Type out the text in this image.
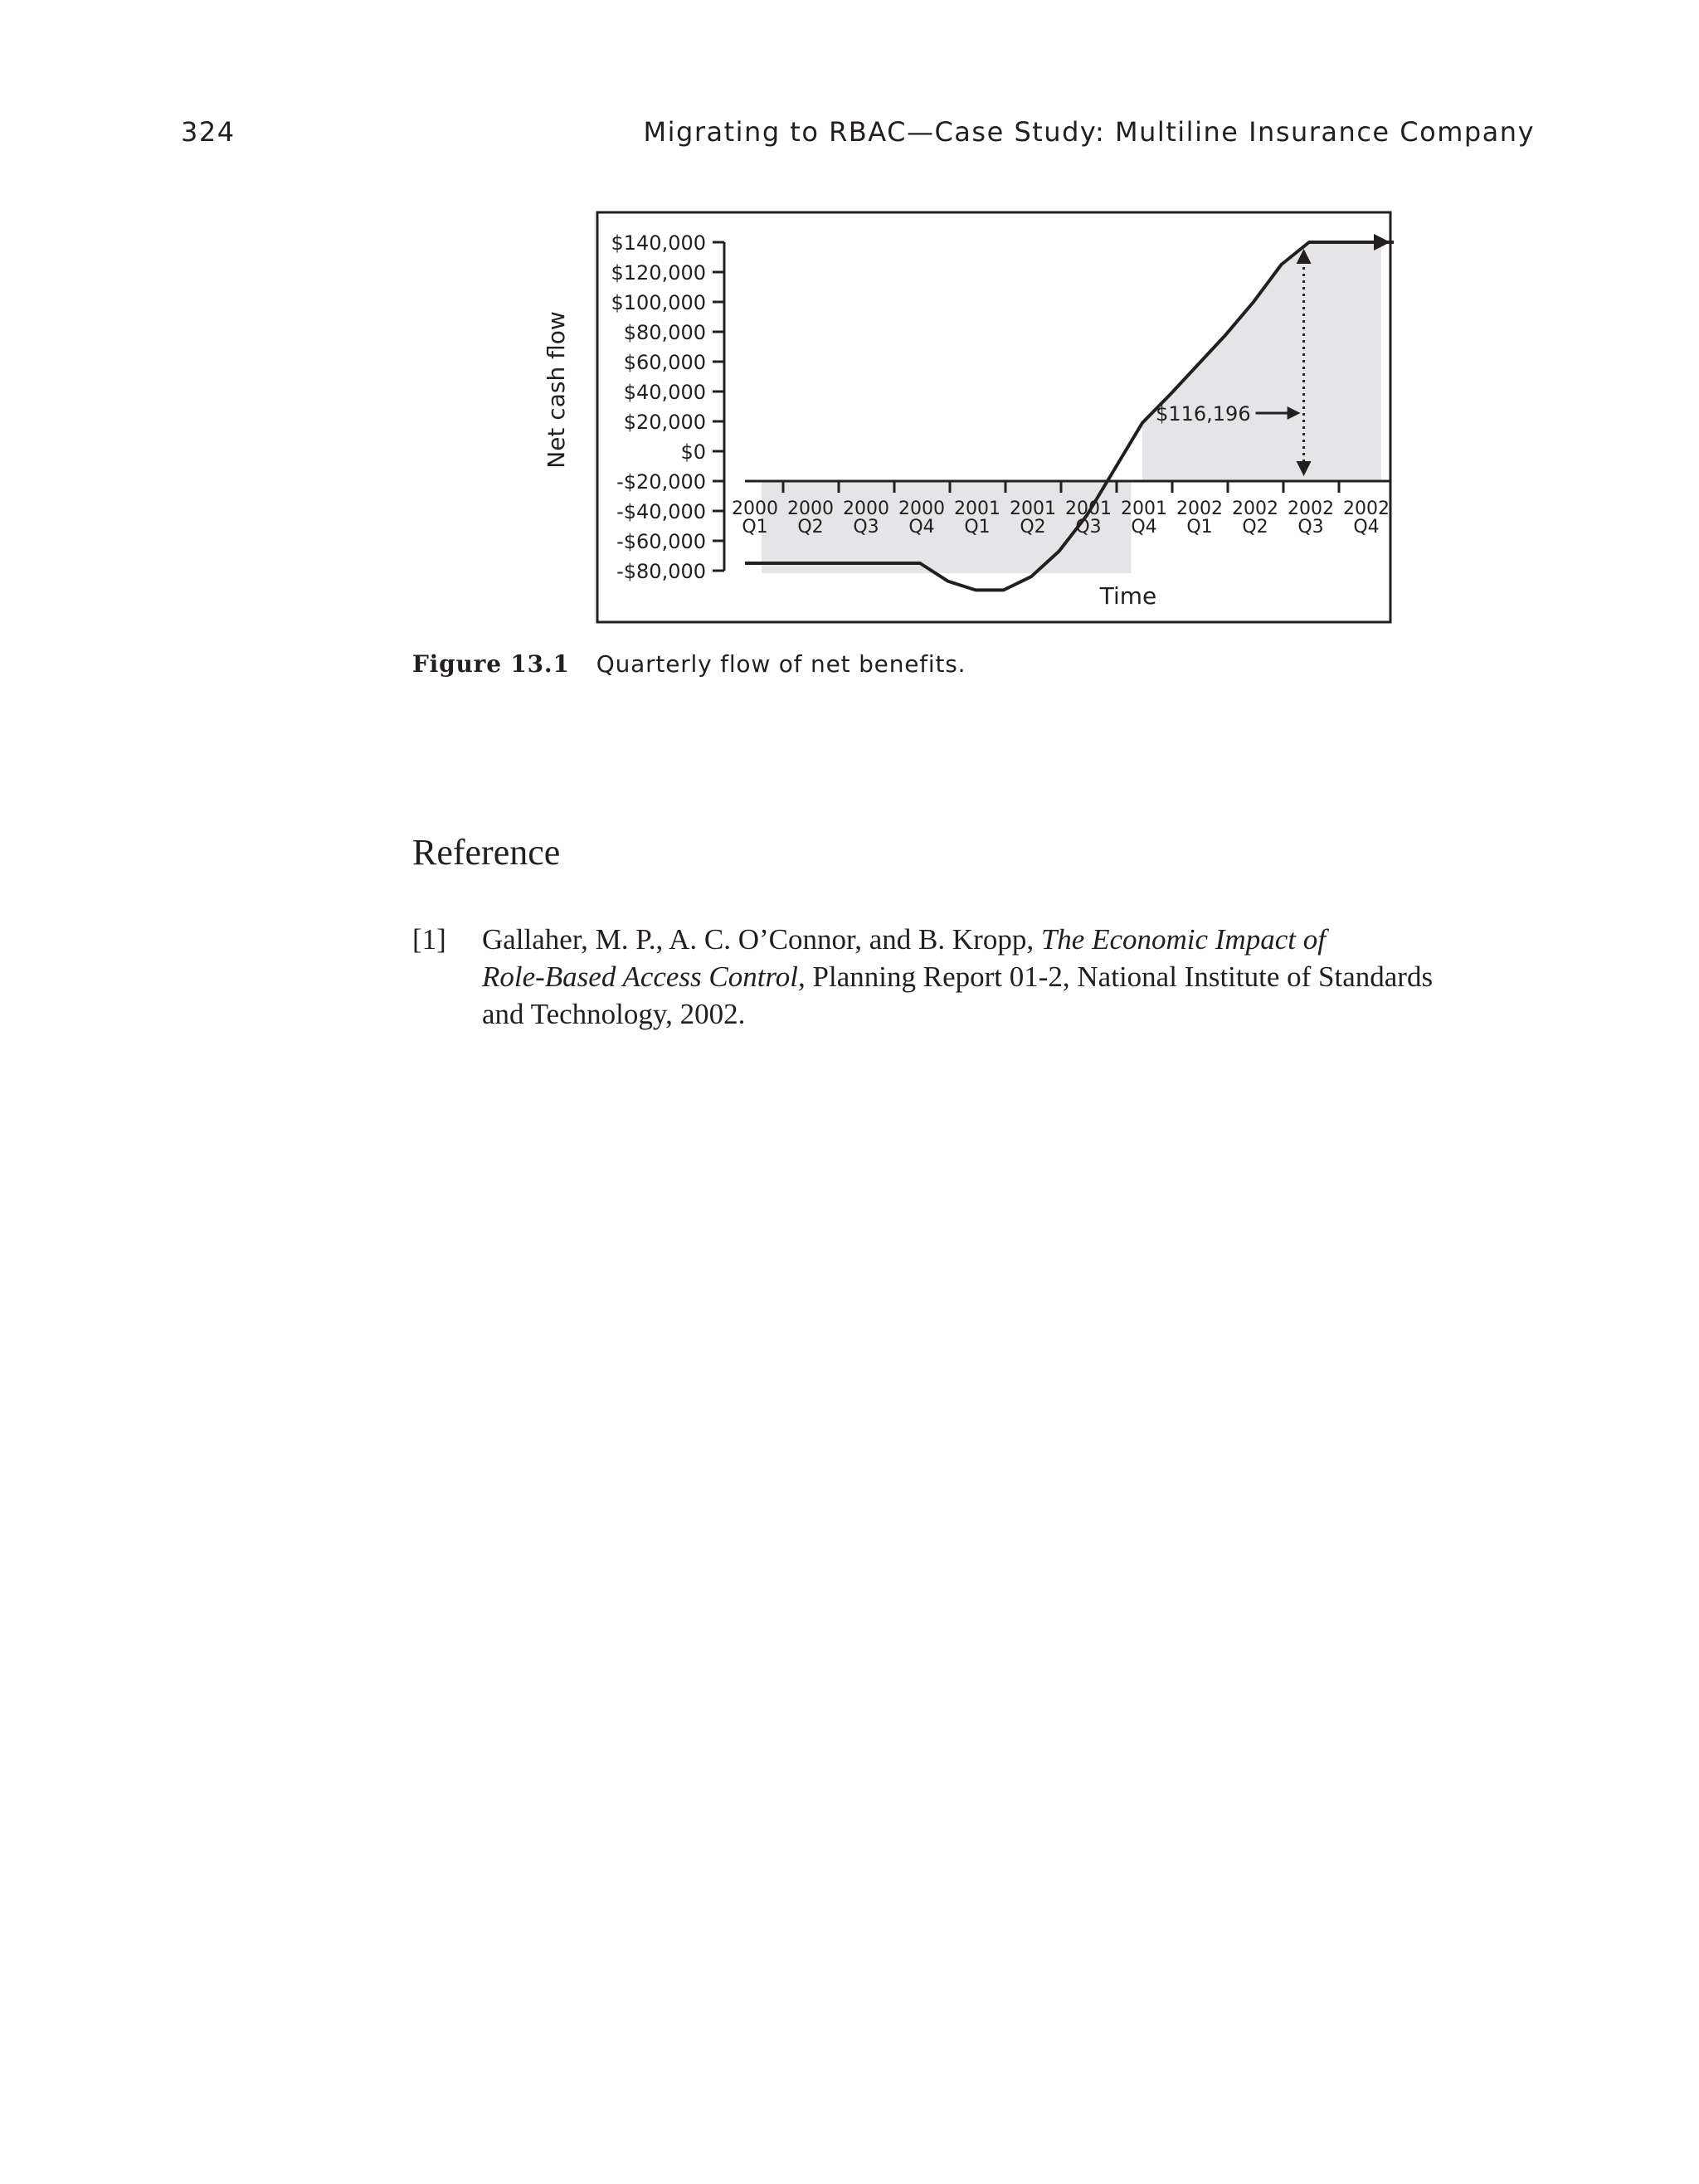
324	Migrating to RBAC—Case Study: Multiline Insurance Company
$140,000
$120,000
$100,000
$80,000
$60,000
$40,000
$20,000
$0
-$20,000
-$40,000
-$60,000
-$80,000
Net cash flow
2000
Q1
2000
Q2
2000
Q3
2000
Q4
2001
Q1
2001
Q2
2001
Q3
2001
Q4
2002
Q1
2002
Q2
2002
Q3
2002
Q4
Time
$116,196
Figure 13.1 Quarterly flow of net benefits.
Reference
[1] Gallaher, M. P., A. C. O’Connor, and B. Kropp, The Economic Impact of
Role-Based Access Control, Planning Report 01-2, National Institute of Standards
and Technology, 2002.
